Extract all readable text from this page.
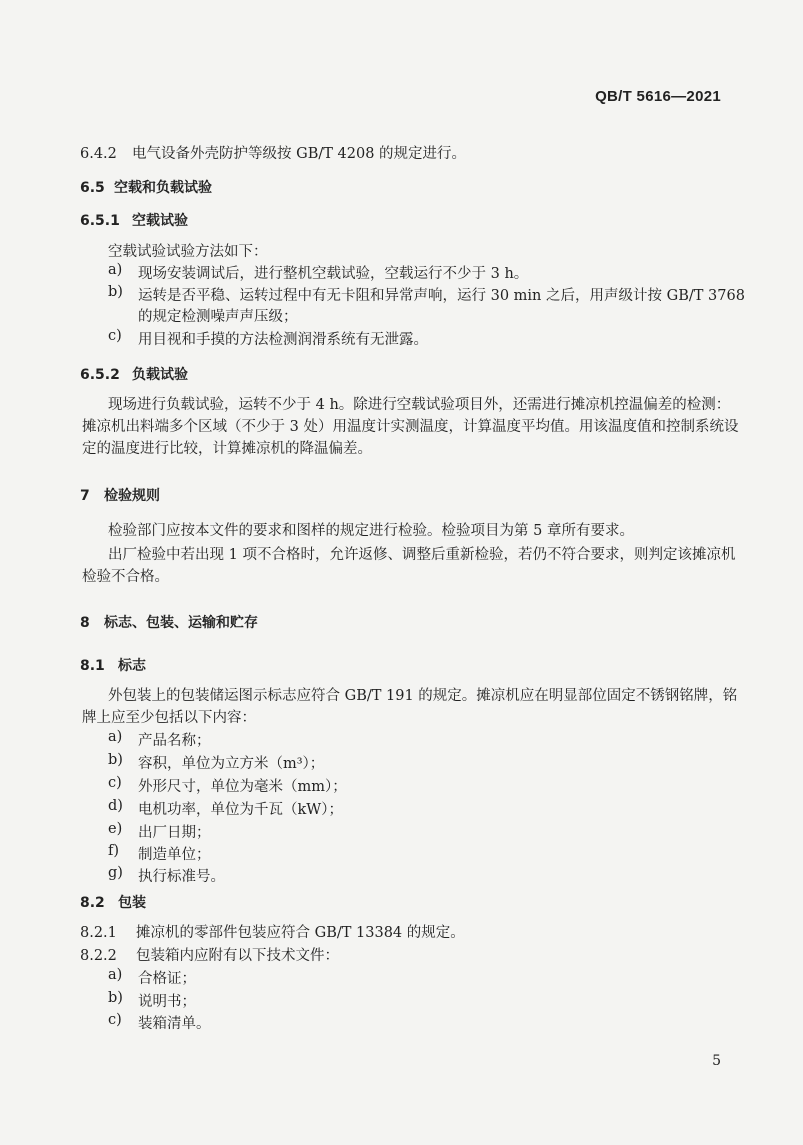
QB/T 5616—2021
6.4.2 电气设备外壳防护等级按 GB/T 4208 的规定进行。
6.5 空载和负载试验
6.5.1 空载试验
空载试验试验方法如下：
a) 现场安装调试后，进行整机空载试验，空载运行不少于 3 h。
b) 运转是否平稳、运转过程中有无卡阻和异常声响，运行 30 min 之后，用声级计按 GB/T 3768
的规定检测噪声声压级；
c) 用目视和手摸的方法检测润滑系统有无泄露。
6.5.2 负载试验
现场进行负载试验，运转不少于 4 h。除进行空载试验项目外，还需进行摊凉机控温偏差的检测：
摊凉机出料端多个区域（不少于 3 处）用温度计实测温度，计算温度平均值。用该温度值和控制系统设
定的温度进行比较，计算摊凉机的降温偏差。
7 检验规则
检验部门应按本文件的要求和图样的规定进行检验。检验项目为第 5 章所有要求。
出厂检验中若出现 1 项不合格时，允许返修、调整后重新检验，若仍不符合要求，则判定该摊凉机
检验不合格。
8 标志、包装、运输和贮存
8.1 标志
外包装上的包装储运图示标志应符合 GB/T 191 的规定。摊凉机应在明显部位固定不锈钢铭牌，铭
牌上应至少包括以下内容：
a) 产品名称；
b) 容积，单位为立方米（m³）；
c) 外形尺寸，单位为毫米（mm）；
d) 电机功率，单位为千瓦（kW）；
e) 出厂日期；
f) 制造单位；
g) 执行标准号。
8.2 包装
8.2.1 摊凉机的零部件包装应符合 GB/T 13384 的规定。
8.2.2 包装箱内应附有以下技术文件：
a) 合格证；
b) 说明书；
c) 装箱清单。
5
